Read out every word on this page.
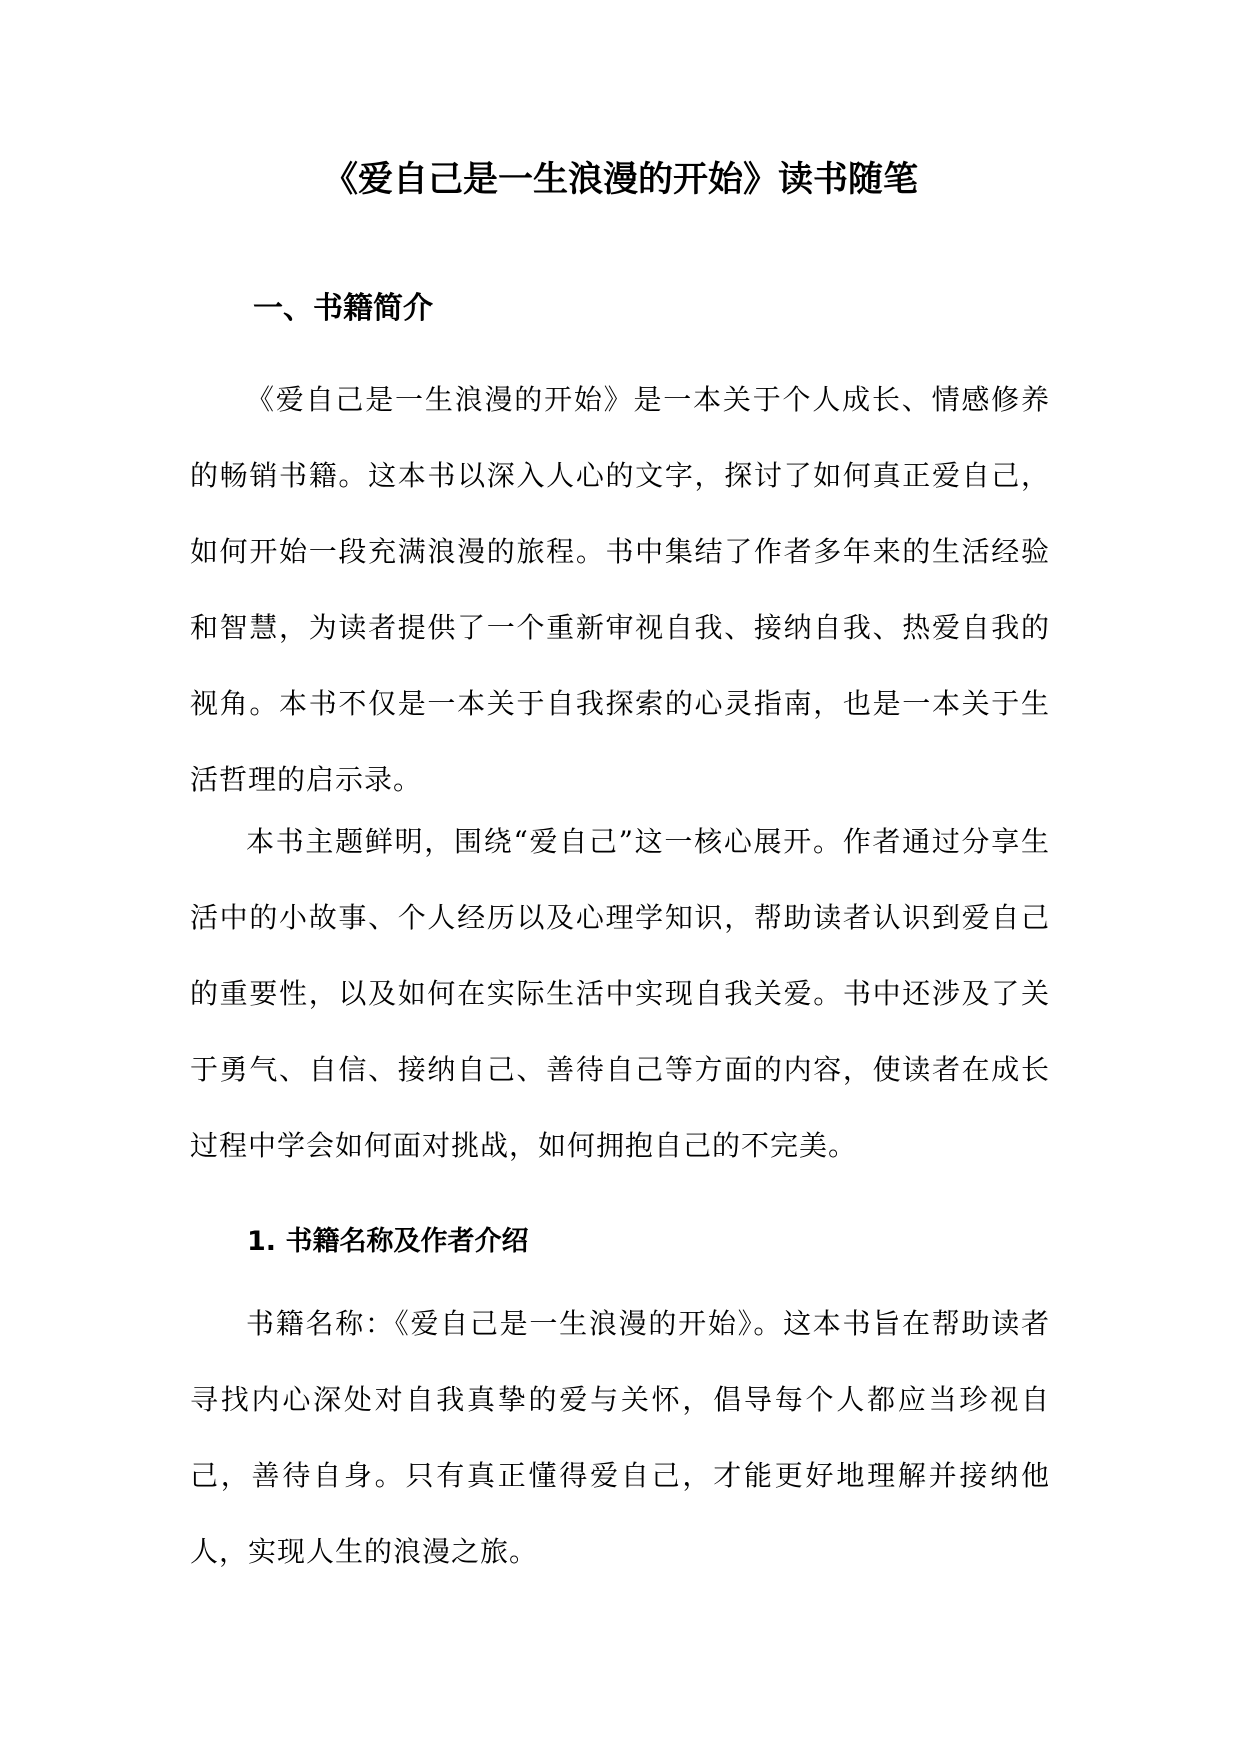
《爱自己是一生浪漫的开始》读书随笔
一、书籍简介

《爱自己是一生浪漫的开始》是一本关于个人成长、情感修养的畅销书籍。这本书以深入人心的文字，探讨了如何真正爱自己，如何开始一段充满浪漫的旅程。书中集结了作者多年来的生活经验和智慧，为读者提供了一个重新审视自我、接纳自我、热爱自我的视角。本书不仅是一本关于自我探索的心灵指南，也是一本关于生活哲理的启示录。

本书主题鲜明，围绕“爱自己”这一核心展开。作者通过分享生活中的小故事、个人经历以及心理学知识，帮助读者认识到爱自己的重要性，以及如何在实际生活中实现自我关爱。书中还涉及了关于勇气、自信、接纳自己、善待自己等方面的内容，使读者在成长过程中学会如何面对挑战，如何拥抱自己的不完美。

1. 书籍名称及作者介绍

书籍名称：《爱自己是一生浪漫的开始》。这本书旨在帮助读者寻找内心深处对自我真挚的爱与关怀，倡导每个人都应当珍视自己，善待自身。只有真正懂得爱自己，才能更好地理解并接纳他人，实现人生的浪漫之旅。
